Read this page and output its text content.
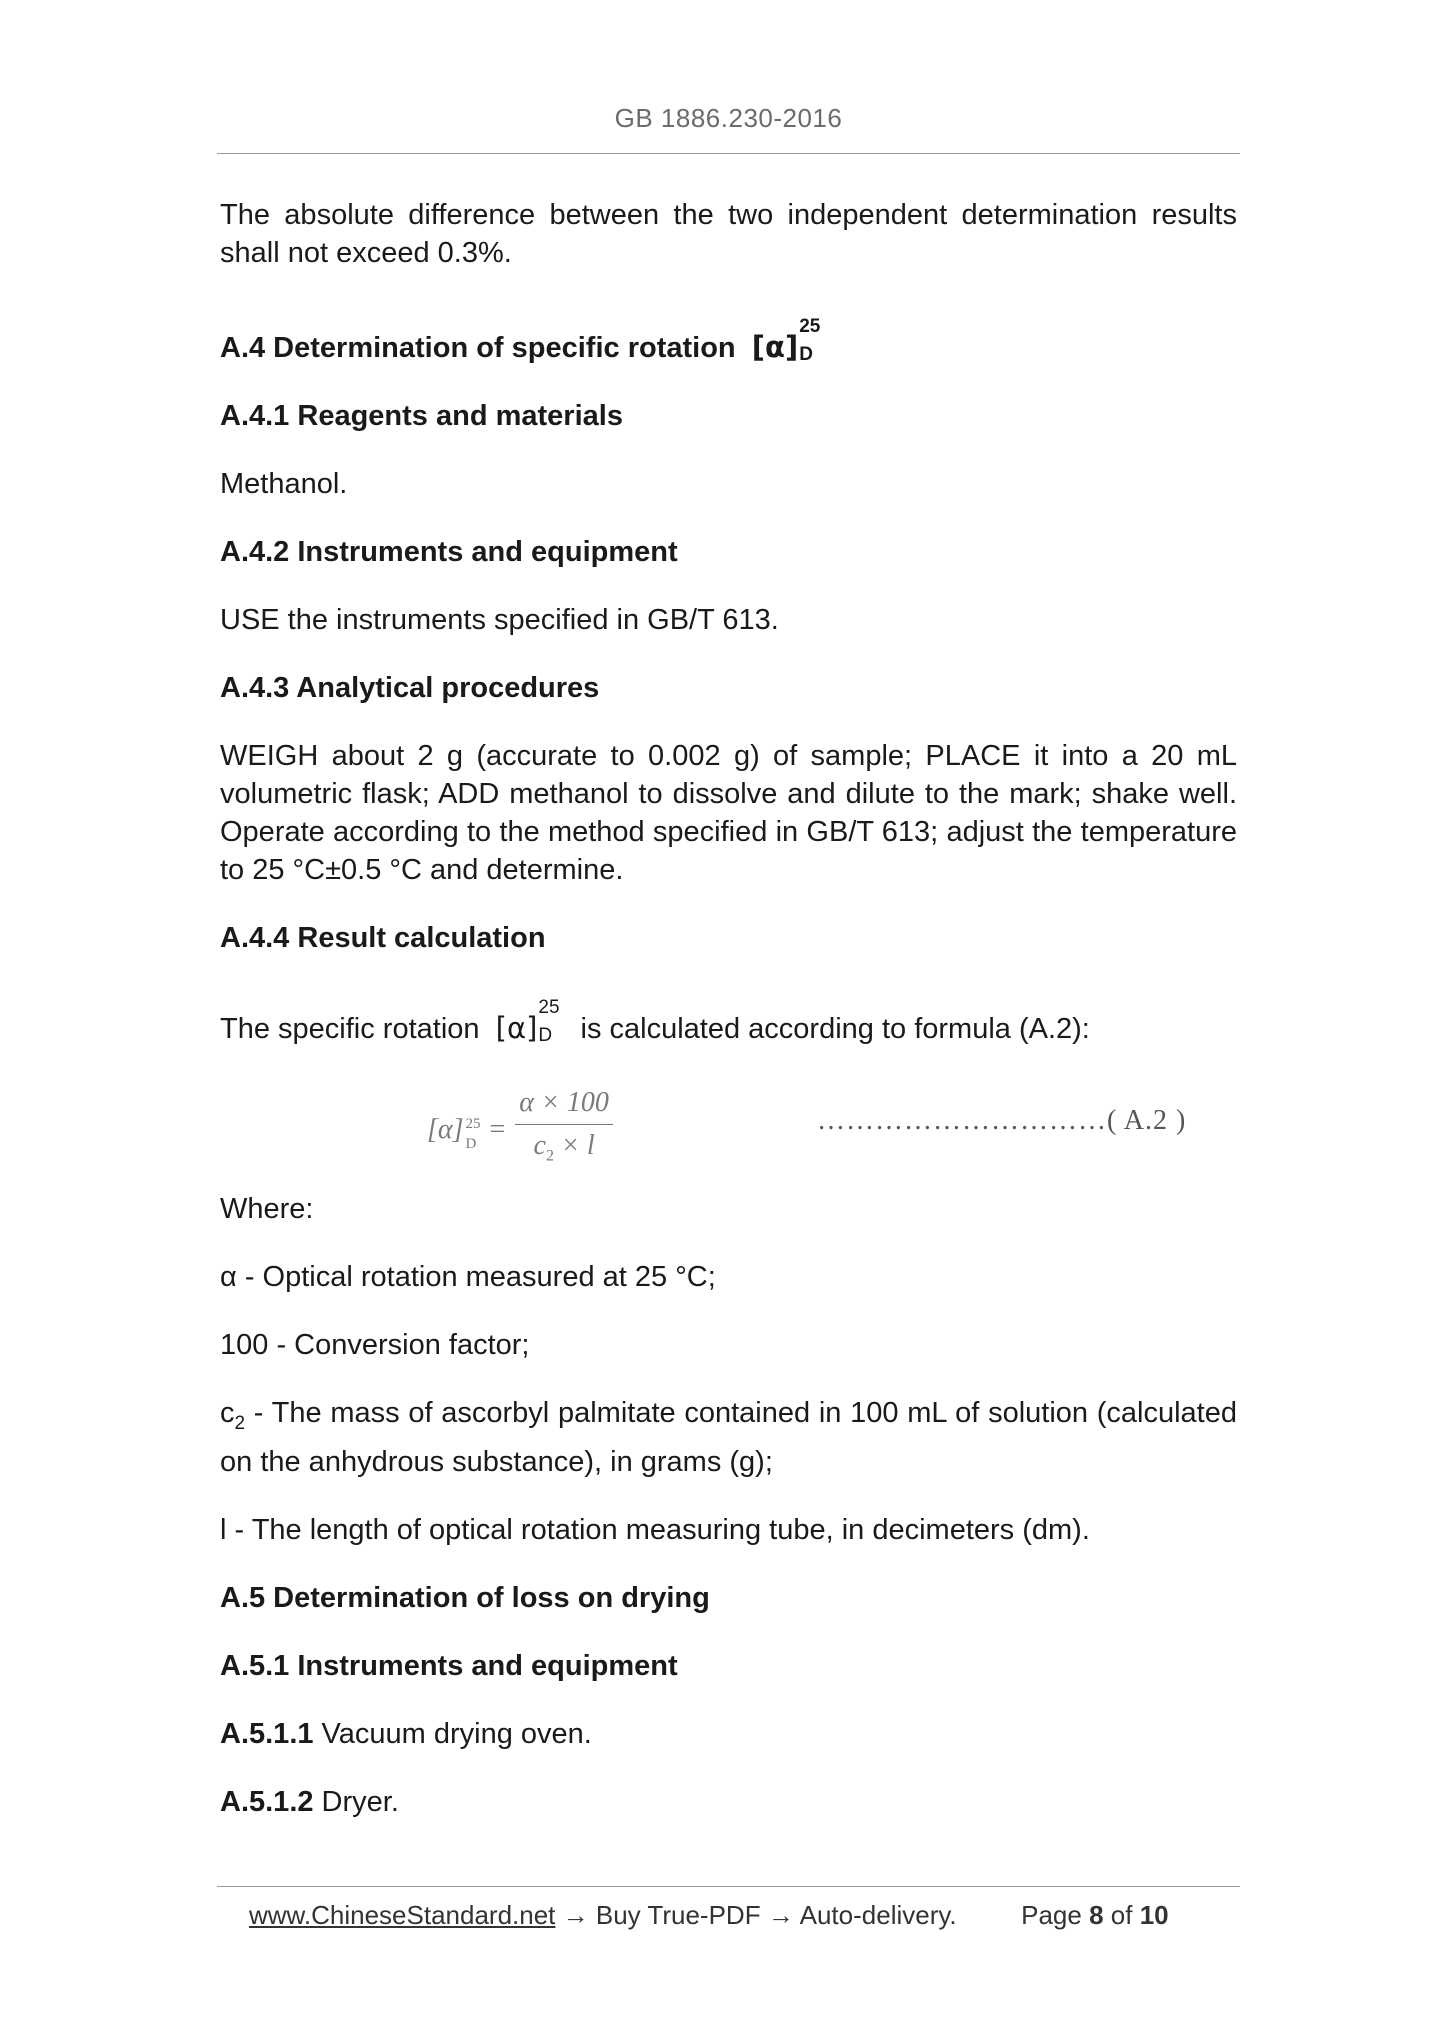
GB 1886.230-2016

The absolute difference between the two independent determination results shall not exceed 0.3%.

A.4 Determination of specific rotation [α]
25
D

A.4.1 Reagents and materials

Methanol.

A.4.2 Instruments and equipment

USE the instruments specified in GB/T 613.

A.4.3 Analytical procedures

WEIGH about 2 g (accurate to 0.002 g) of sample; PLACE it into a 20 mL volumetric flask; ADD methanol to dissolve and dilute to the mark; shake well. Operate according to the method specified in GB/T 613; adjust the temperature to 25 °C±0.5 °C and determine.

A.4.4 Result calculation

The specific rotation [α]
25
D is calculated according to formula (A.2):

[α] 25
$D = \frac{\alpha \times 100}{c_2 \times l}$	…………………………( A.2 )

Where:

α - Optical rotation measured at 25 °C;

100 - Conversion factor;

$c_2$ - The mass of ascorbyl palmitate contained in 100 mL of solution (calculated on the anhydrous substance), in grams (g);

l - The length of optical rotation measuring tube, in decimeters (dm).

A.5 Determination of loss on drying

A.5.1 Instruments and equipment

A.5.1.1 Vacuum drying oven.

A.5.1.2 Dryer.

www.ChineseStandard.net → Buy True-PDF → Auto-delivery. Page 8 of 10
